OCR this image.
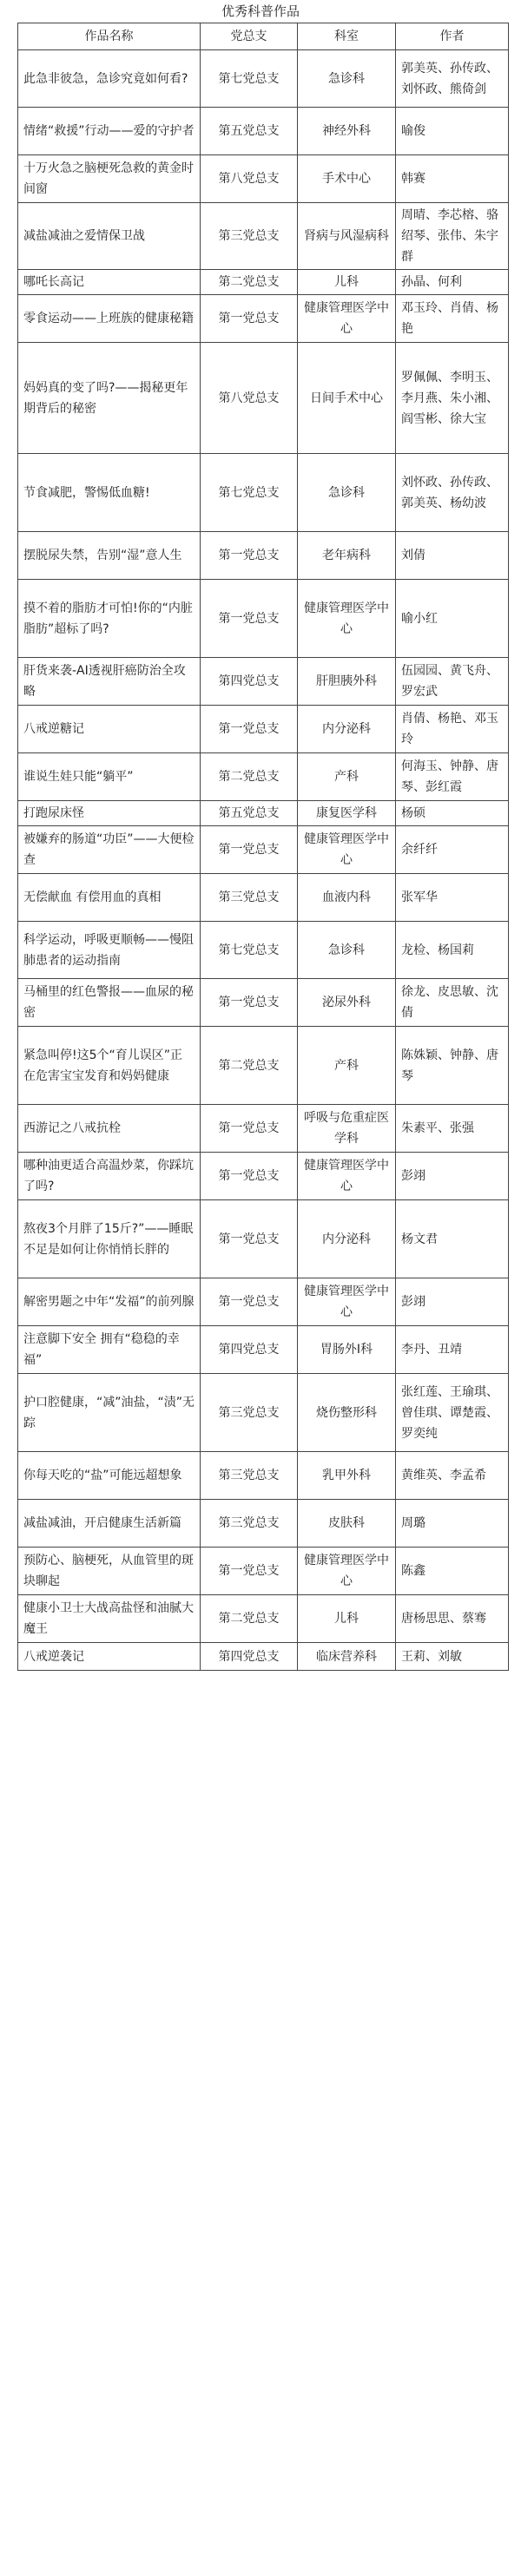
优秀科普作品
作品名称	党总支	科室	作者
此急非彼急，急诊究竟如何看?	第七党总支	急诊科	郭美英、孙传政、刘怀政、熊倚剑
情绪“救援”行动——爱的守护者	第五党总支	神经外科	喻俊
十万火急之脑梗死急救的黄金时间窗	第八党总支	手术中心	韩赛
减盐减油之爱情保卫战	第三党总支	肾病与风湿病科	周晴、李芯榕、骆绍琴、张伟、朱宇群
哪吒长高记	第二党总支	儿科	孙晶、何利
零食运动——上班族的健康秘籍	第一党总支	健康管理医学中心	邓玉玲、肖倩、杨艳
妈妈真的变了吗?——揭秘更年期背后的秘密	第八党总支	日间手术中心	罗佩佩、李明玉、李月燕、朱小湘、阎雪彬、徐大宝
节食减肥，警惕低血糖!	第七党总支	急诊科	刘怀政、孙传政、郭美英、杨幼波
摆脱尿失禁，告别“湿”意人生	第一党总支	老年病科	刘倩
摸不着的脂肪才可怕!你的“内脏脂肪”超标了吗?	第一党总支	健康管理医学中心	喻小红
肝货来袭-AI透视肝癌防治全攻略	第四党总支	肝胆胰外科	伍园园、黄飞舟、罗宏武
八戒逆糖记	第一党总支	内分泌科	肖倩、杨艳、邓玉玲
谁说生娃只能“躺平”	第二党总支	产科	何海玉、钟静、唐琴、彭红霞
打跑尿床怪	第五党总支	康复医学科	杨硕
被嫌弃的肠道“功臣”——大便检查	第一党总支	健康管理医学中心	余纤纤
无偿献血 有偿用血的真相	第三党总支	血液内科	张军华
科学运动，呼吸更顺畅——慢阻肺患者的运动指南	第七党总支	急诊科	龙检、杨国莉
马桶里的红色警报——血尿的秘密	第一党总支	泌尿外科	徐龙、皮思敏、沈倩
紧急叫停!这5个“育儿误区”正在危害宝宝发育和妈妈健康	第二党总支	产科	陈姝颖、钟静、唐琴
西游记之八戒抗栓	第一党总支	呼吸与危重症医学科	朱素平、张强
哪种油更适合高温炒菜，你踩坑了吗?	第一党总支	健康管理医学中心	彭翊
熬夜3个月胖了15斤?”——睡眠不足是如何让你悄悄长胖的	第一党总支	内分泌科	杨文君
解密男题之中年“发福”的前列腺	第一党总支	健康管理医学中心	彭翊
注意脚下安全 拥有“稳稳的幸福”	第四党总支	胃肠外Ⅰ科	李丹、丑靖
护口腔健康，“减”油盐，“渍”无踪	第三党总支	烧伤整形科	张红莲、王瑜琪、曾佳琪、谭楚霞、罗奕纯
你每天吃的“盐”可能远超想象	第三党总支	乳甲外科	黄维英、李孟希
减盐减油，开启健康生活新篇	第三党总支	皮肤科	周璐
预防心、脑梗死，从血管里的斑块聊起	第一党总支	健康管理医学中心	陈鑫
健康小卫士大战高盐怪和油腻大魔王	第二党总支	儿科	唐杨思思、蔡骞
八戒逆袭记	第四党总支	临床营养科	王莉、刘敏
